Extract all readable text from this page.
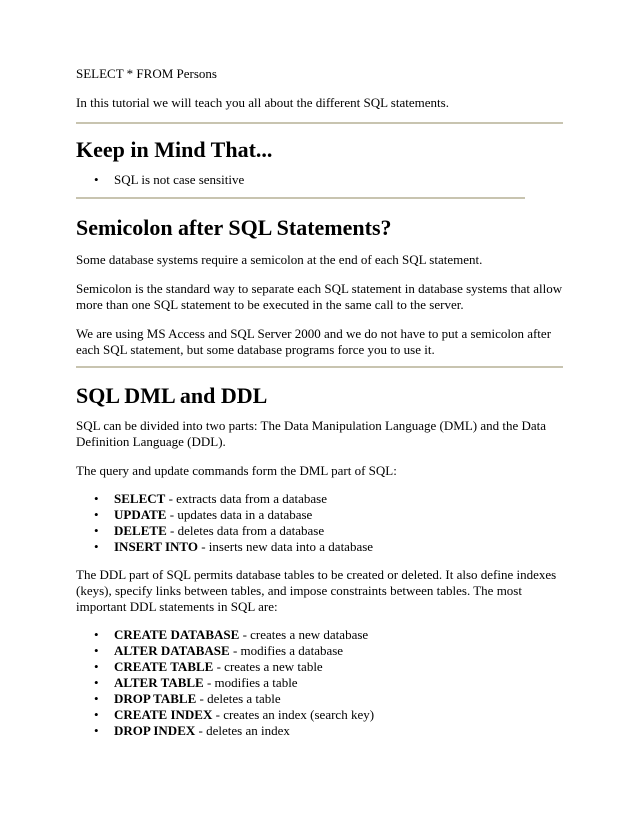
SELECT * FROM Persons

In this tutorial we will teach you all about the different SQL statements.

Keep in Mind That...
• SQL is not case sensitive
Semicolon after SQL Statements?

Some database systems require a semicolon at the end of each SQL statement.

Semicolon is the standard way to separate each SQL statement in database systems that allow more than one SQL statement to be executed in the same call to the server.

We are using MS Access and SQL Server 2000 and we do not have to put a semicolon after each SQL statement, but some database programs force you to use it.

SQL DML and DDL

SQL can be divided into two parts: The Data Manipulation Language (DML) and the Data Definition Language (DDL).

The query and update commands form the DML part of SQL:

• SELECT - extracts data from a database
• UPDATE - updates data in a database
• DELETE - deletes data from a database
• INSERT INTO - inserts new data into a database

The DDL part of SQL permits database tables to be created or deleted. It also define indexes (keys), specify links between tables, and impose constraints between tables. The most important DDL statements in SQL are:

• CREATE DATABASE - creates a new database
• ALTER DATABASE - modifies a database
• CREATE TABLE - creates a new table
• ALTER TABLE - modifies a table
• DROP TABLE - deletes a table
• CREATE INDEX - creates an index (search key)
• DROP INDEX - deletes an index
